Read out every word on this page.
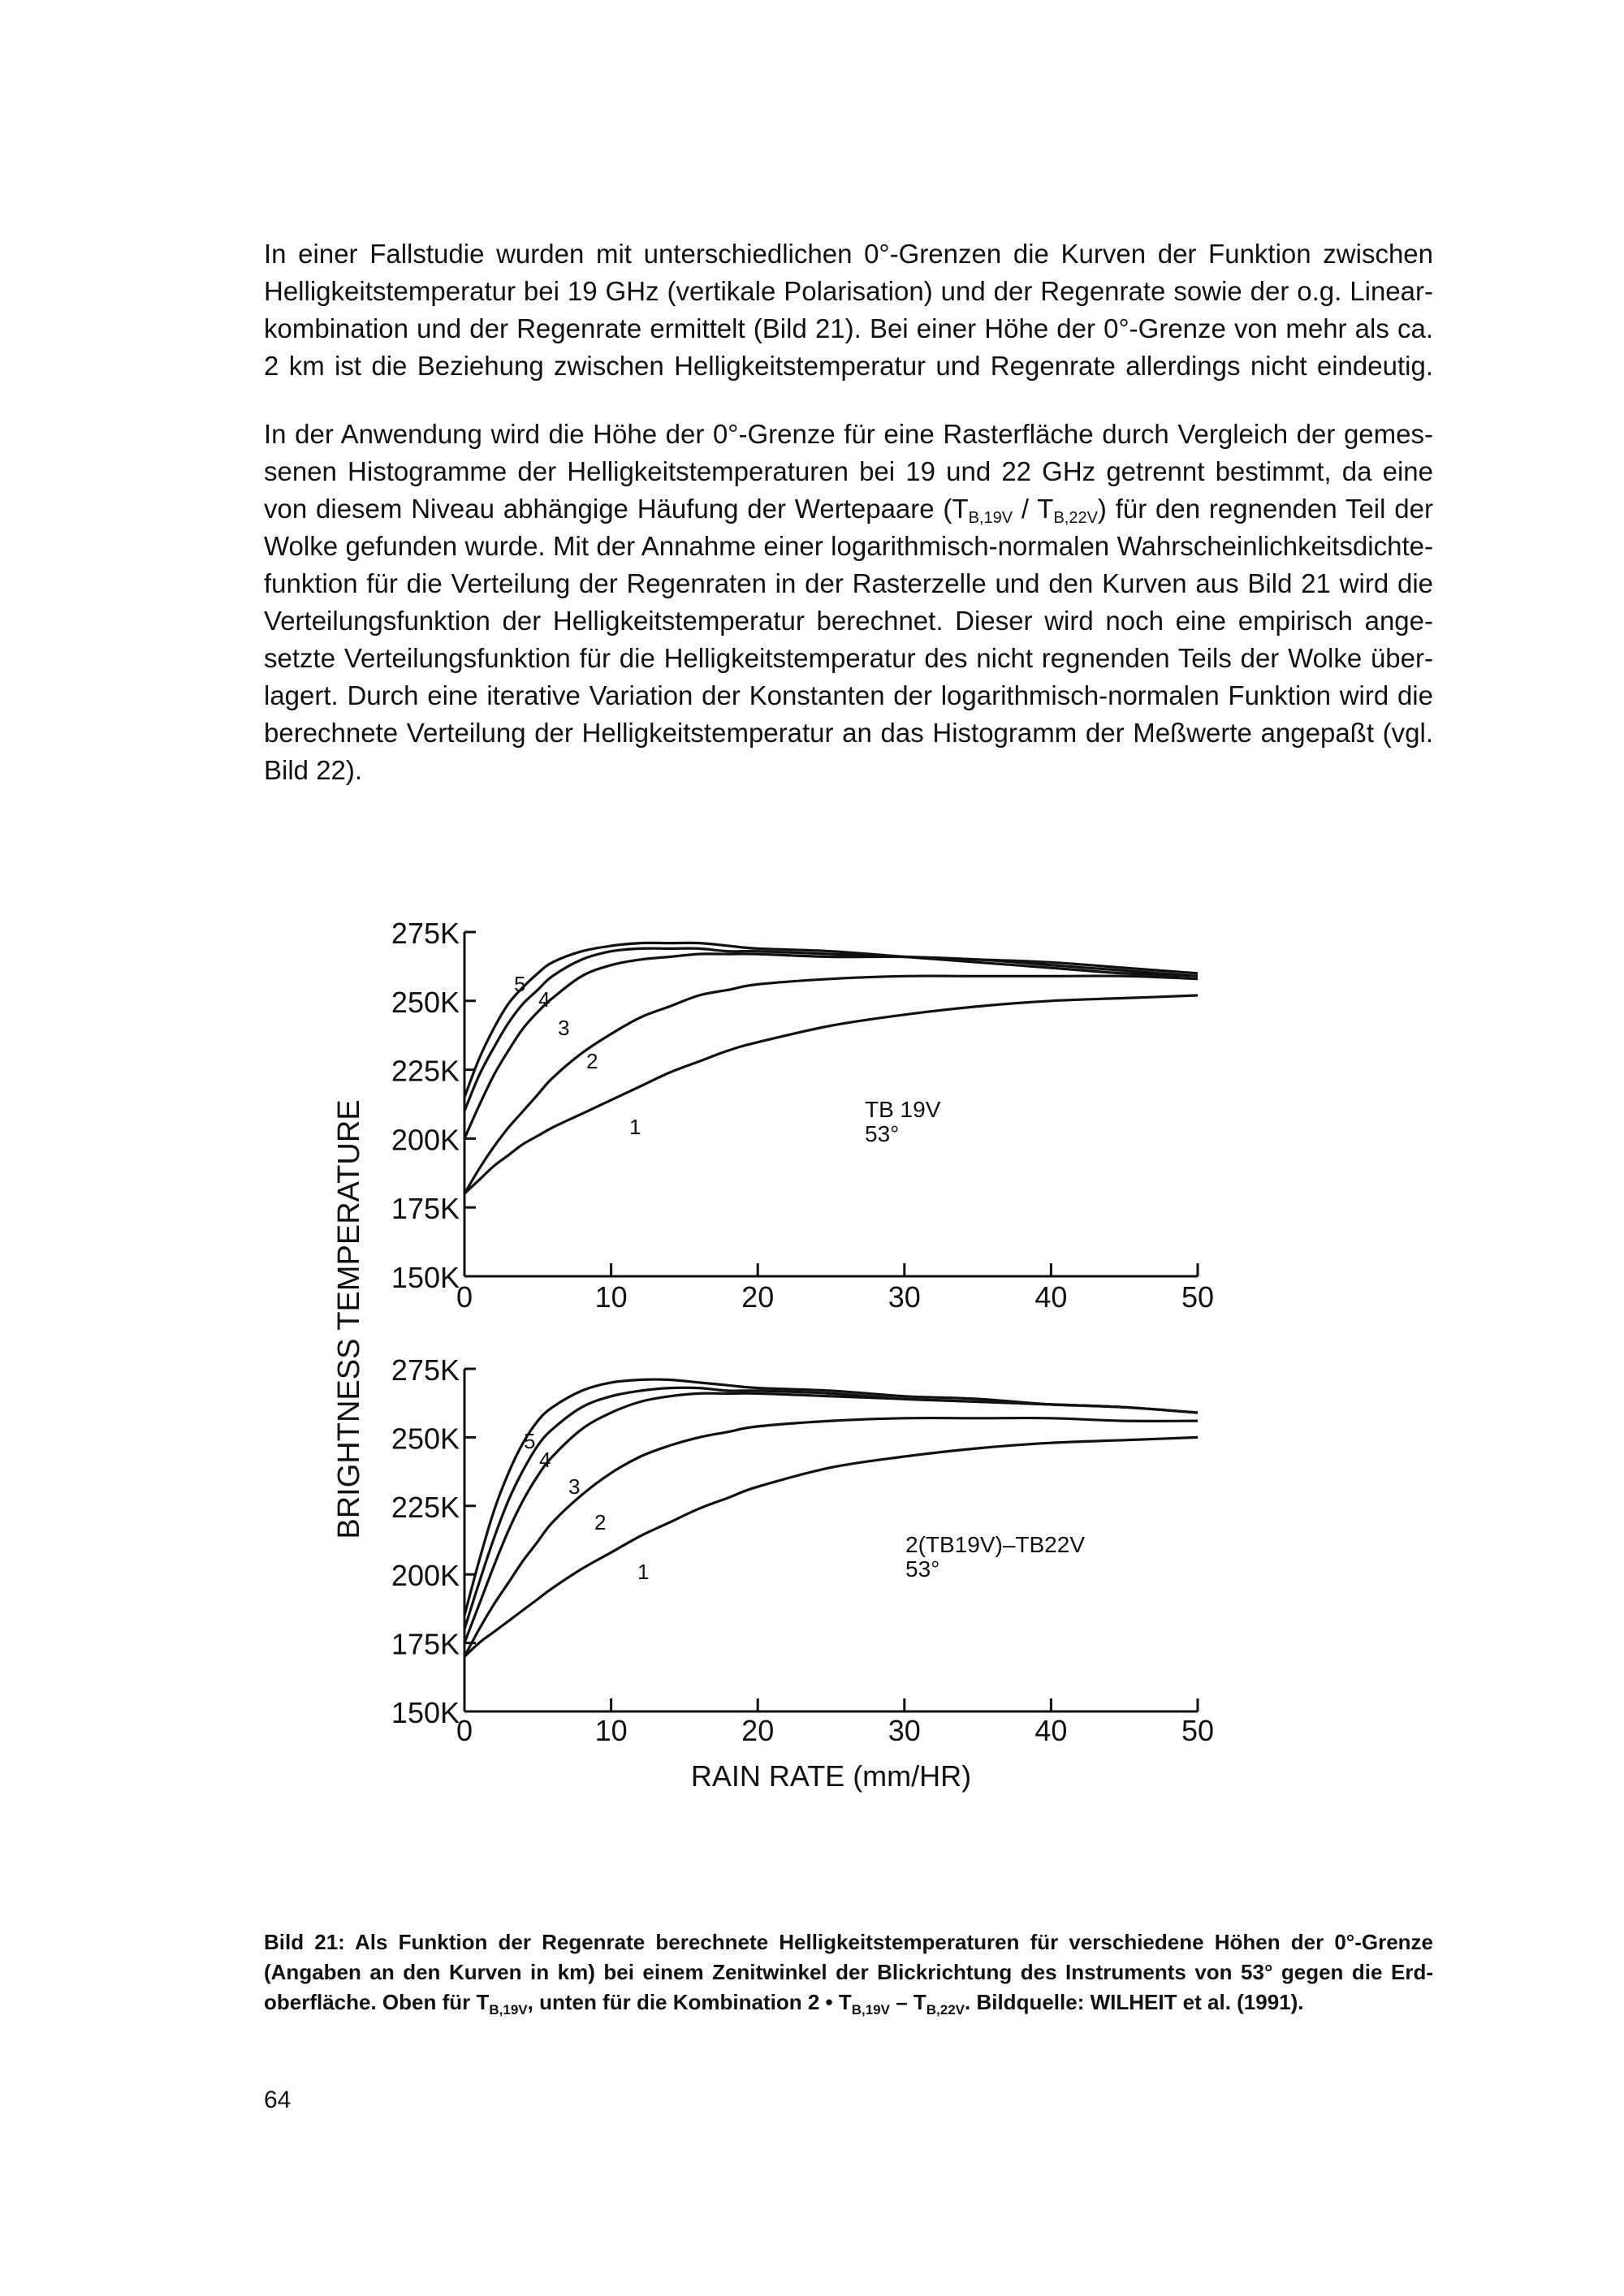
In einer Fallstudie wurden mit unterschiedlichen 0°-Grenzen die Kurven der Funktion zwischen
Helligkeitstemperatur bei 19 GHz (vertikale Polarisation) und der Regenrate sowie der o.g. Linear-
kombination und der Regenrate ermittelt (Bild 21). Bei einer Höhe der 0°-Grenze von mehr als ca.
2 km ist die Beziehung zwischen Helligkeitstemperatur und Regenrate allerdings nicht eindeutig.
In der Anwendung wird die Höhe der 0°-Grenze für eine Rasterfläche durch Vergleich der gemes-
senen Histogramme der Helligkeitstemperaturen bei 19 und 22 GHz getrennt bestimmt, da eine
von diesem Niveau abhängige Häufung der Wertepaare $(T_{B,19V} / T_{B,22V})$ für den regnenden Teil der
Wolke gefunden wurde. Mit der Annahme einer logarithmisch-normalen Wahrscheinlichkeitsdichte-
funktion für die Verteilung der Regenraten in der Rasterzelle und den Kurven aus Bild 21 wird die
Verteilungsfunktion der Helligkeitstemperatur berechnet. Dieser wird noch eine empirisch ange-
setzte Verteilungsfunktion für die Helligkeitstemperatur des nicht regnenden Teils der Wolke über-
lagert. Durch eine iterative Variation der Konstanten der logarithmisch-normalen Funktion wird die
berechnete Verteilung der Helligkeitstemperatur an das Histogramm der Meßwerte angepaßt (vgl.
Bild 22).
150K
175K
200K
225K
250K
275K
0	10	20	30	40	50
1
2
3
4
5
TB 19V
53°
150K
175K
200K
225K
250K
275K
0	10	20	30	40	50
1
2
3
4
5
2(TB19V)–TB22V
53°
RAIN RATE (mm/HR)
BRIGHTNESS TEMPERATURE
Bild 21: Als Funktion der Regenrate berechnete Helligkeitstemperaturen für verschiedene Höhen der 0°-Grenze
(Angaben an den Kurven in km) bei einem Zenitwinkel der Blickrichtung des Instruments von 53° gegen die Erd-
oberfläche. Oben für $T_{B,19V}$, unten für die Kombination 2 • $T_{B,19V} - T_{B,22V}$. Bildquelle: WILHEIT et al. (1991).

64
